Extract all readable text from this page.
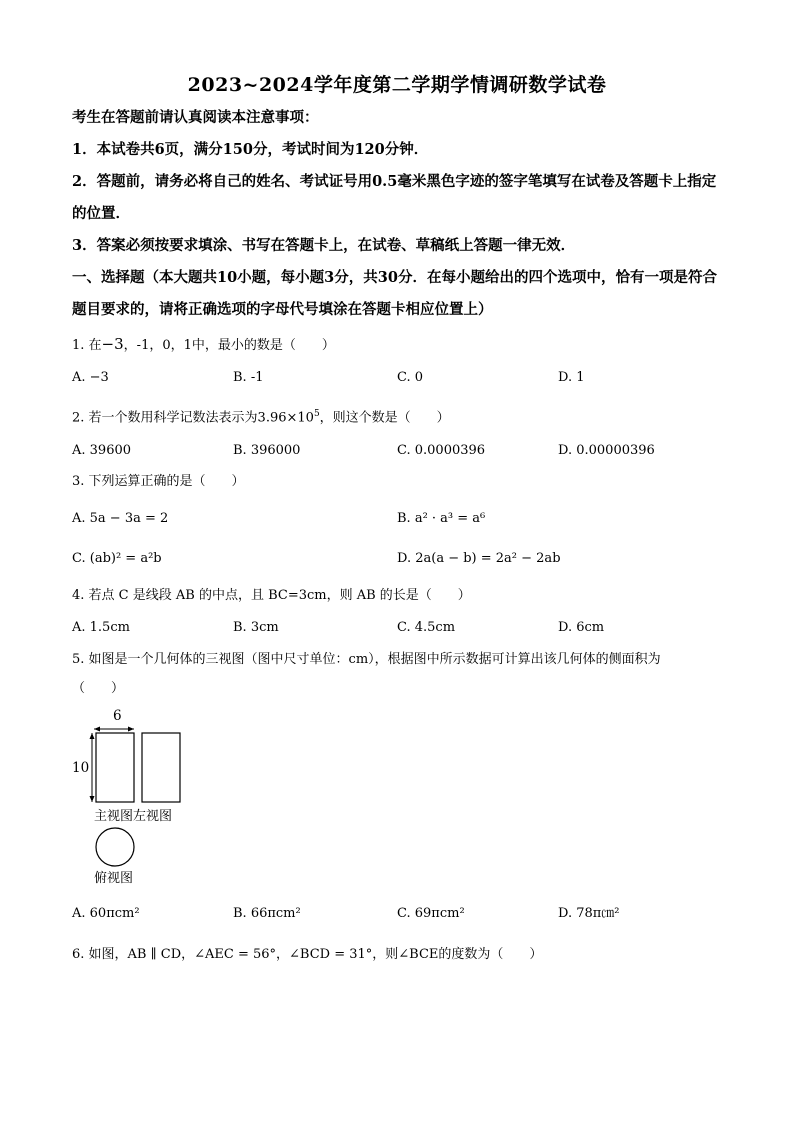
2023~2024学年度第二学期学情调研数学试卷
考生在答题前请认真阅读本注意事项：
1．本试卷共6页，满分150分，考试时间为120分钟．
2．答题前，请务必将自己的姓名、考试证号用0.5毫米黑色字迹的签字笔填写在试卷及答题卡上指定的位置．
3．答案必须按要求填涂、书写在答题卡上，在试卷、草稿纸上答题一律无效．
一、选择题（本大题共10小题，每小题3分，共30分．在每小题给出的四个选项中，恰有一项是符合题目要求的，请将正确选项的字母代号填涂在答题卡相应位置上）
1. 在−3，-1，0，1中，最小的数是（　　）
A. −3	B. -1	C. 0	D. 1
2. 若一个数用科学记数法表示为$3.96\times 10^5$，则这个数是（　　）
A. 39600	B. 396000	C. 0.0000396	D. 0.00000396
3. 下列运算正确的是（　　）
A. 5a − 3a = 2	B. a² · a³ = a⁶
C. (ab)² = a²b	D. 2a(a − b) = 2a² − 2ab
4. 若点 C 是线段 AB 的中点，且 BC=3cm，则 AB 的长是（　　）
A. 1.5cm	B. 3cm	C. 4.5cm	D. 6cm
5. 如图是一个几何体的三视图（图中尺寸单位：cm），根据图中所示数据可计算出该几何体的侧面积为
（　　）
6
10
主视图左视图
俯视图
A. 60πcm²	B. 66πcm²	C. 69πcm²	D. 78π㎝²
6. 如图，AB ∥ CD，∠AEC = 56°，∠BCD = 31°，则∠BCE的度数为（　　）
